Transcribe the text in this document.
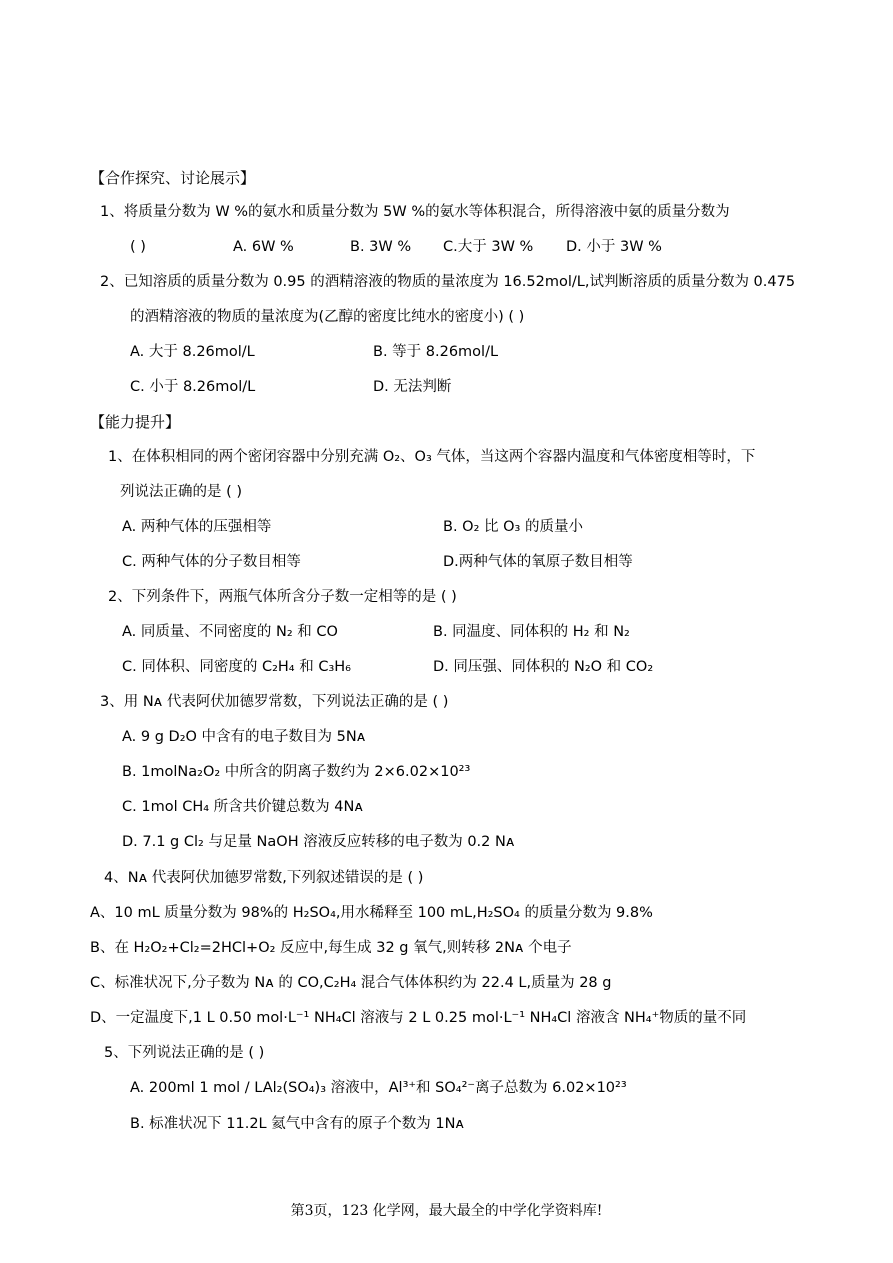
【合作探究、讨论展示】
1、将质量分数为 W %的氨水和质量分数为 5W %的氨水等体积混合，所得溶液中氨的质量分数为
( )	A. 6W %	B. 3W % C.大于 3W % D. 小于 3W %
2、已知溶质的质量分数为 0.95 的酒精溶液的物质的量浓度为 16.52mol/L,试判断溶质的质量分数为 0.475
的酒精溶液的物质的量浓度为(乙醇的密度比纯水的密度小) ( )
A. 大于 8.26mol/L	B. 等于 8.26mol/L
C. 小于 8.26mol/L	D. 无法判断
【能力提升】
1、在体积相同的两个密闭容器中分别充满 O₂、O₃ 气体，当这两个容器内温度和气体密度相等时，下
列说法正确的是 ( )
A. 两种气体的压强相等	B. O₂ 比 O₃ 的质量小
C. 两种气体的分子数目相等	D.两种气体的氧原子数目相等
2、下列条件下，两瓶气体所含分子数一定相等的是 ( )
A. 同质量、不同密度的 N₂ 和 CO	B. 同温度、同体积的 H₂ 和 N₂
C. 同体积、同密度的 C₂H₄ 和 C₃H₆	D. 同压强、同体积的 N₂O 和 CO₂
3、用 Nᴀ 代表阿伏加德罗常数，下列说法正确的是 ( )
A. 9 g D₂O 中含有的电子数目为 5Nᴀ
B. 1molNa₂O₂ 中所含的阴离子数约为 2×6.02×10²³
C. 1mol CH₄ 所含共价键总数为 4Nᴀ
D. 7.1 g Cl₂ 与足量 NaOH 溶液反应转移的电子数为 0.2 Nᴀ
4、Nᴀ 代表阿伏加德罗常数,下列叙述错误的是 ( )
A、10 mL 质量分数为 98%的 H₂SO₄,用水稀释至 100 mL,H₂SO₄ 的质量分数为 9.8%
B、在 H₂O₂+Cl₂=2HCl+O₂ 反应中,每生成 32 g 氧气,则转移 2Nᴀ 个电子
C、标准状况下,分子数为 Nᴀ 的 CO,C₂H₄ 混合气体体积约为 22.4 L,质量为 28 g
D、一定温度下,1 L 0.50 mol·L⁻¹ NH₄Cl 溶液与 2 L 0.25 mol·L⁻¹ NH₄Cl 溶液含 NH₄⁺物质的量不同
5、下列说法正确的是 ( )
A. 200ml 1 mol / LAl₂(SO₄)₃ 溶液中，Al³⁺和 SO₄²⁻离子总数为 6.02×10²³
B. 标准状况下 11.2L 氦气中含有的原子个数为 1Nᴀ
第3页，123 化学网，最大最全的中学化学资料库!
